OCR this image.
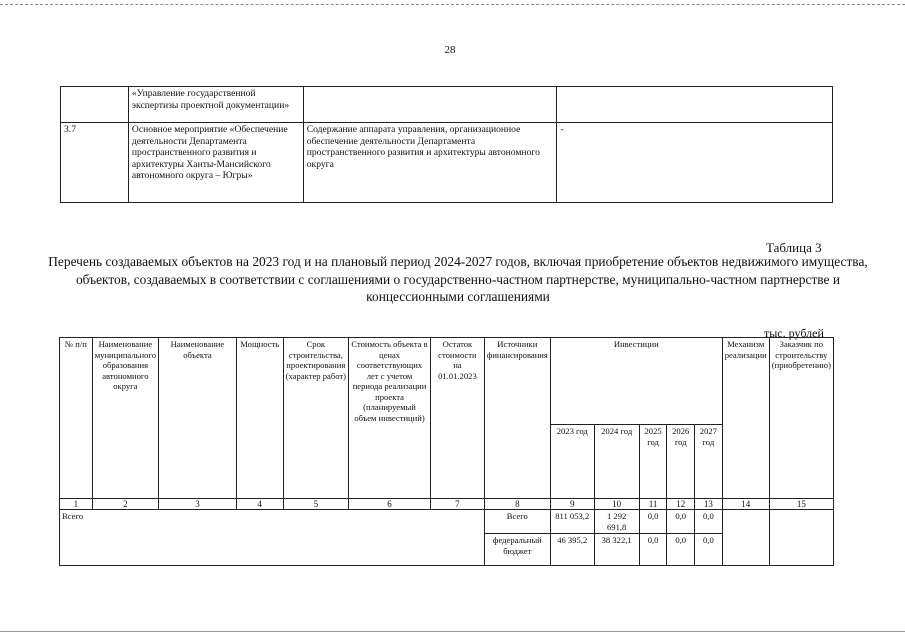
28
	«Управление государственной экспертизы проектной документации»		
3.7	Основное мероприятие «Обеспечение деятельности Департамента пространственного развития и архитектуры Ханты-Мансийского автономного округа – Югры»	Содержание аппарата управления, организационное обеспечение деятельности Департамента пространственного развития и архитектуры автономного округа	-
Таблица 3
Перечень создаваемых объектов на 2023 год и на плановый период 2024-2027 годов, включая приобретение объектов недвижимого имущества, объектов, создаваемых в соответствии с соглашениями о государственно-частном партнерстве, муниципально-частном партнерстве и концессионными соглашениями
тыс. рублей
№ п/п	Наименование муниципального образования автономного округа	Наименование объекта	Мощность	Срок строительства, проектирования (характер работ)	Стоимость объекта в ценах соответствующих лет с учетом периода реализации проекта (планируемый объем инвестиций)	Остаток стоимости на 01.01.2023	Источники финансирования	Инвестиции					Механизм реализации	Заказчик по строительству (приобретению)
								2023 год	2024 год	2025 год	2026 год	2027 год		
1	2	3	4	5	6	7	8	9	10	11	12	13	14	15
Всего							Всего	811 053,2	1 292 691,8	0,0	0,0	0,0		
							федеральный бюджет	46 395,2	38 322,1	0,0	0,0	0,0		
